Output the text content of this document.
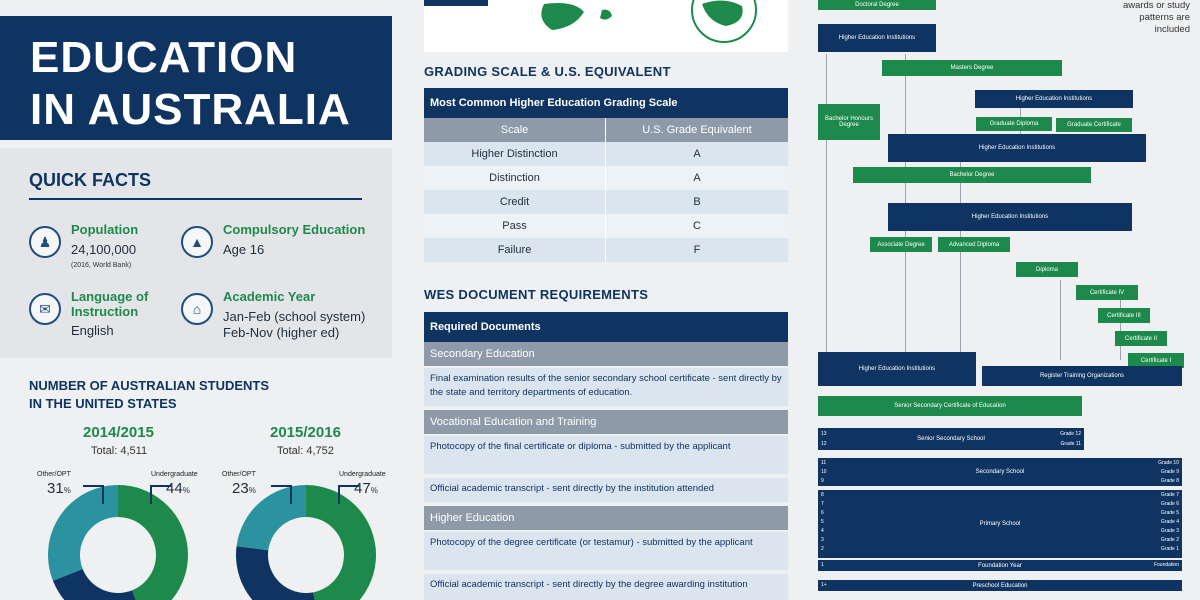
EDUCATION
IN AUSTRALIA
QUICK FACTS
♟
Population
24,100,000
(2016, World Bank)
▲
Compulsory Education
Age 16
✉
Language of
Instruction
English
⌂
Academic Year
Jan-Feb (school system)
Feb-Nov (higher ed)
NUMBER OF AUSTRALIAN STUDENTS
IN THE UNITED STATES
2014/2015
Total: 4,511
Other/OPT
31%
Undergraduate
44%
2015/2016
Total: 4,752
Other/OPT
23%
Undergraduate
47%
GRADING SCALE & U.S. EQUIVALENT
Most Common Higher Education Grading Scale
Scale	U.S. Grade Equivalent
Higher Distinction	A
Distinction	A
Credit	B
Pass	C
Failure	F
WES DOCUMENT REQUIREMENTS
Required Documents
Secondary Education
Final examination results of the senior secondary school certificate - sent directly by the state and territory departments of education.
Vocational Education and Training
Photocopy of the final certificate or diploma - submitted by the applicant
Official academic transcript - sent directly by the institution attended
Higher Education
Photocopy of the degree certificate (or testamur) - submitted by the applicant
Official academic transcript - sent directly by the degree awarding institution
awards or study
patterns are
included
Doctoral Degree
Higher Education Institutions
Masters Degree
Higher Education Institutions
Bachelor Honours Degree	Graduate Diploma	Graduate Certificate
Higher Education Institutions
Bachelor Degree
Higher Education Institutions
Associate Degree	Advanced Diploma
Diploma
Certificate IV
Certificate III
Certificate II
Certificate I
Higher Education Institutions
Register Training Organizations
Senior Secondary Certificate of Education
Senior Secondary School
13
12
Grade 12
Grade 11
Secondary School
11
10
9
Grade 10
Grade 9
Grade 8
Primary School
8
7
6
5
4
3
2
Grade 7
Grade 6
Grade 5
Grade 4
Grade 3
Grade 2
Grade 1
Foundation Year
1	Foundation
Preschool Education
1+
